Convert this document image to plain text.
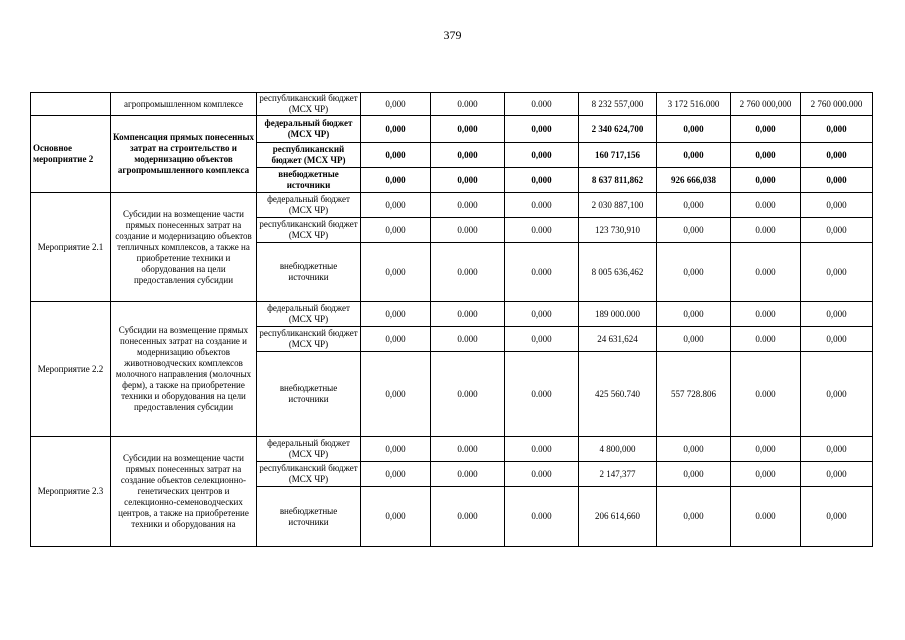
379
	агропромышленном комплексе	республиканский бюджет (МСХ ЧР)	0,000	0.000	0.000	8 232 557,000	3 172 516.000	2 760 000,000	2 760 000.000
Основное мероприятие 2	Компенсация прямых понесенных затрат на строительство и модернизацию объектов агропромышленного комплекса	федеральный бюджет (МСХ ЧР)	0,000	0,000	0,000	2 340 624,700	0,000	0,000	0,000
		республиканский бюджет (МСХ ЧР)	0,000	0,000	0,000	160 717,156	0,000	0,000	0,000
		внебюджетные источники	0,000	0,000	0,000	8 637 811,862	926 666,038	0,000	0,000
Мероприятие 2.1	Субсидии на возмещение части прямых понесенных затрат на создание и модернизацию объектов тепличных комплексов, а также на приобретение техники и оборудования на цели предоставления субсидии	федеральный бюджет (МСХ ЧР)	0,000	0.000	0.000	2 030 887,100	0,000	0.000	0,000
		республиканский бюджет (МСХ ЧР)	0,000	0.000	0.000	123 730,910	0,000	0.000	0,000
		внебюджетные источники	0,000	0.000	0.000	8 005 636,462	0,000	0.000	0,000
Мероприятие 2.2	Субсидии на возмещение прямых понесенных затрат на создание и модернизацию объектов животноводческих комплексов молочного направления (молочных ферм), а также на приобретение техники и оборудования на цели предоставления субсидии	федеральный бюджет (МСХ ЧР)	0,000	0.000	0,000	189 000.000	0,000	0.000	0,000
		республиканский бюджет (МСХ ЧР)	0,000	0.000	0,000	24 631,624	0,000	0.000	0,000
		внебюджетные источники	0,000	0.000	0.000	425 560.740	557 728.806	0.000	0,000
Мероприятие 2.3	Субсидии на возмещение части прямых понесенных затрат на создание объектов селекционно-генетических центров и селекционно-семеноводческих центров, а также на приобретение техники и оборудования на	федеральный бюджет (МСХ ЧР)	0,000	0.000	0.000	4 800,000	0,000	0,000	0,000
		республиканский бюджет (МСХ ЧР)	0,000	0.000	0.000	2 147,377	0,000	0,000	0,000
		внебюджетные источники	0,000	0.000	0.000	206 614,660	0,000	0.000	0,000
